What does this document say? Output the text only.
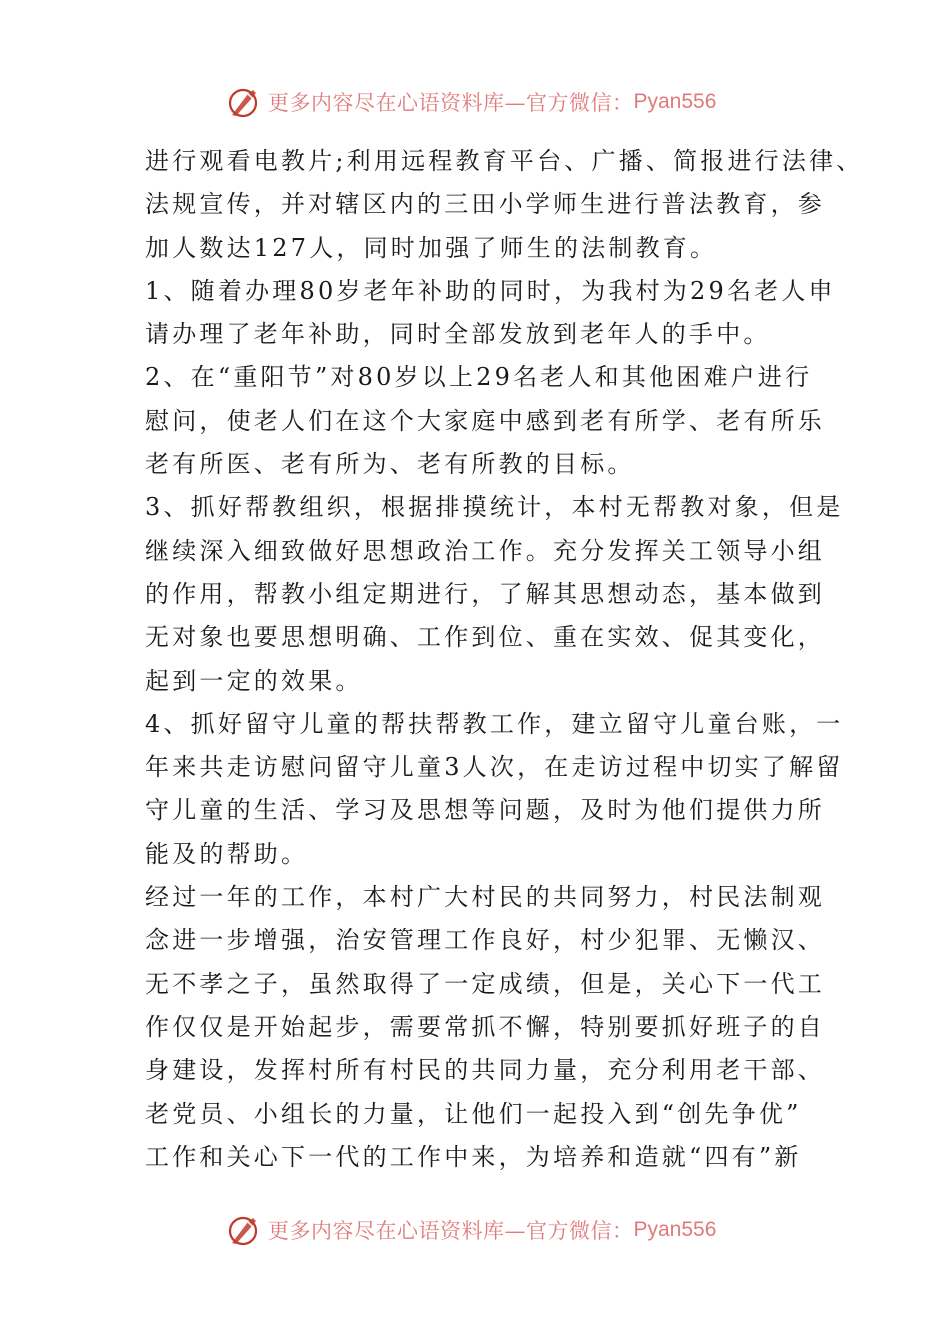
更多内容尽在心语资料库—官方微信： Pyan556
进行观看电教片;利用远程教育平台、广播、简报进行法律、
法规宣传，并对辖区内的三田小学师生进行普法教育，参
加人数达127人，同时加强了师生的法制教育。
1、随着办理80岁老年补助的同时，为我村为29名老人申
请办理了老年补助，同时全部发放到老年人的手中。
2、在“重阳节”对80岁以上29名老人和其他困难户进行
慰问，使老人们在这个大家庭中感到老有所学、老有所乐
老有所医、老有所为、老有所教的目标。
3、抓好帮教组织，根据排摸统计，本村无帮教对象，但是
继续深入细致做好思想政治工作。充分发挥关工领导小组
的作用，帮教小组定期进行，了解其思想动态，基本做到
无对象也要思想明确、工作到位、重在实效、促其变化，
起到一定的效果。
4、抓好留守儿童的帮扶帮教工作，建立留守儿童台账，一
年来共走访慰问留守儿童3人次，在走访过程中切实了解留
守儿童的生活、学习及思想等问题，及时为他们提供力所
能及的帮助。
经过一年的工作，本村广大村民的共同努力，村民法制观
念进一步增强，治安管理工作良好，村少犯罪、无懒汉、
无不孝之子，虽然取得了一定成绩，但是，关心下一代工
作仅仅是开始起步，需要常抓不懈，特别要抓好班子的自
身建设，发挥村所有村民的共同力量，充分利用老干部、
老党员、小组长的力量，让他们一起投入到“创先争优”
工作和关心下一代的工作中来，为培养和造就“四有”新
更多内容尽在心语资料库—官方微信： Pyan556
